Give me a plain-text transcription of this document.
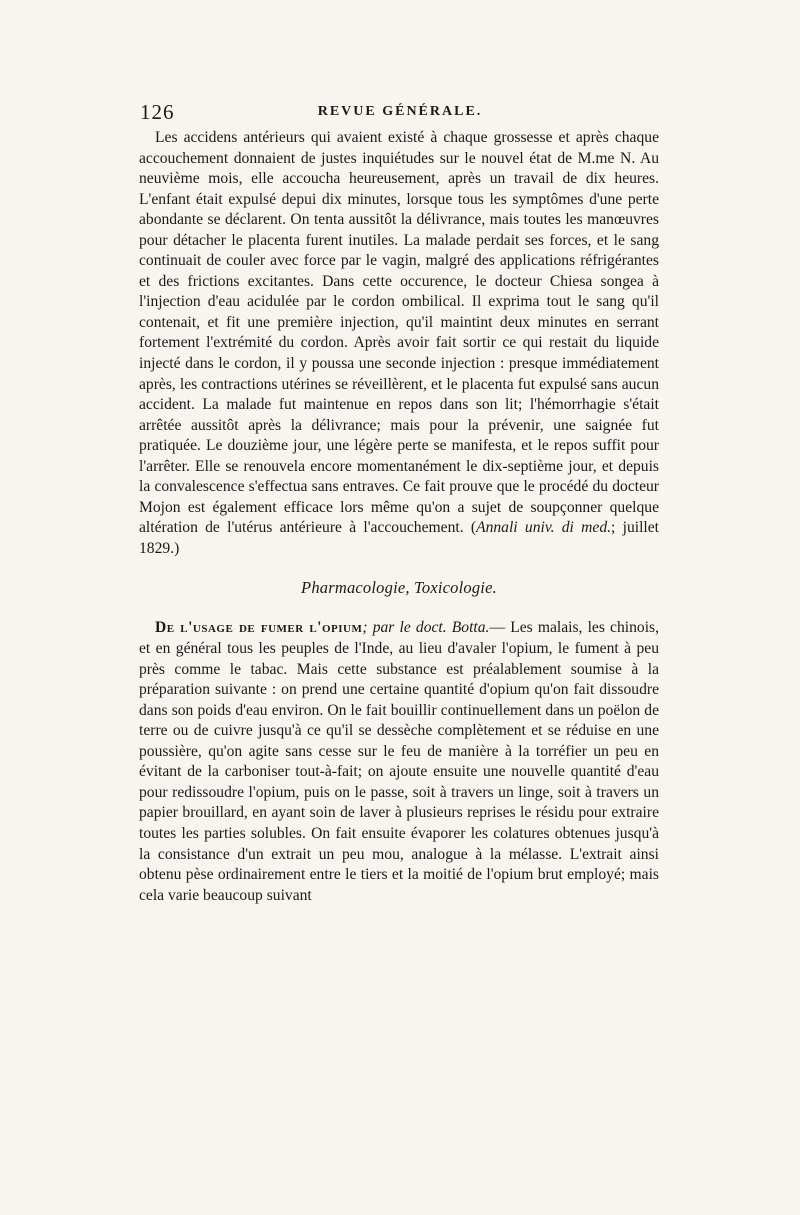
126	REVUE GÉNÉRALE.

Les accidens antérieurs qui avaient existé à chaque grossesse et après chaque accouchement donnaient de justes inquiétudes sur le nouvel état de M.me N. Au neuvième mois, elle accoucha heureusement, après un travail de dix heures. L'enfant était expulsé depui dix minutes, lorsque tous les symptômes d'une perte abondante se déclarent. On tenta aussitôt la délivrance, mais toutes les manœuvres pour détacher le placenta furent inutiles. La malade perdait ses forces, et le sang continuait de couler avec force par le vagin, malgré des applications réfrigérantes et des frictions excitantes. Dans cette occurence, le docteur Chiesa songea à l'injection d'eau acidulée par le cordon ombilical. Il exprima tout le sang qu'il contenait, et fit une première injection, qu'il maintint deux minutes en serrant fortement l'extrémité du cordon. Après avoir fait sortir ce qui restait du liquide injecté dans le cordon, il y poussa une seconde injection : presque immédiatement après, les contractions utérines se réveillèrent, et le placenta fut expulsé sans aucun accident. La malade fut maintenue en repos dans son lit; l'hémorrhagie s'était arrêtée aussitôt après la délivrance; mais pour la prévenir, une saignée fut pratiquée. Le douzième jour, une légère perte se manifesta, et le repos suffit pour l'arrêter. Elle se renouvela encore momentanément le dix-septième jour, et depuis la convalescence s'effectua sans entraves. Ce fait prouve que le procédé du docteur Mojon est également efficace lors même qu'on a sujet de soupçonner quelque altération de l'utérus antérieure à l'accouchement. (Annali univ. di med.; juillet 1829.)

Pharmacologie, Toxicologie.

De l'usage de fumer l'opium; par le doct. Botta.— Les malais, les chinois, et en général tous les peuples de l'Inde, au lieu d'avaler l'opium, le fument à peu près comme le tabac. Mais cette substance est préalablement soumise à la préparation suivante : on prend une certaine quantité d'opium qu'on fait dissoudre dans son poids d'eau environ. On le fait bouillir continuellement dans un poëlon de terre ou de cuivre jusqu'à ce qu'il se dessèche complètement et se réduise en une poussière, qu'on agite sans cesse sur le feu de manière à la torréfier un peu en évitant de la carboniser tout-à-fait; on ajoute ensuite une nouvelle quantité d'eau pour redissoudre l'opium, puis on le passe, soit à travers un linge, soit à travers un papier brouillard, en ayant soin de laver à plusieurs reprises le résidu pour extraire toutes les parties solubles. On fait ensuite évaporer les colatures obtenues jusqu'à la consistance d'un extrait un peu mou, analogue à la mélasse. L'extrait ainsi obtenu pèse ordinairement entre le tiers et la moitié de l'opium brut employé; mais cela varie beaucoup suivant
